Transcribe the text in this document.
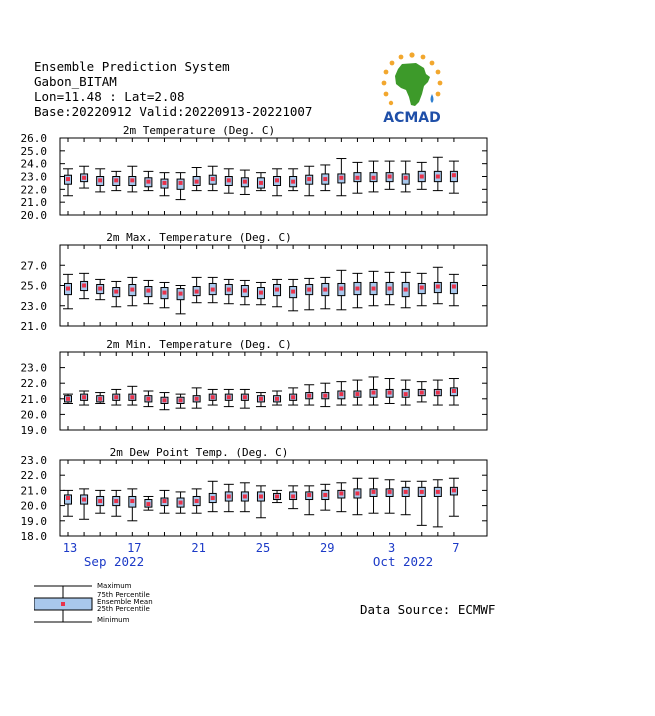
2m Temperature (Deg. C)
26.0
25.0
24.0
23.0
22.0
21.0
20.0
2m Max. Temperature (Deg. C)
27.0
25.0
23.0
21.0
2m Min. Temperature (Deg. C)
23.0
22.0
21.0
20.0
19.0
2m Dew Point Temp. (Deg. C)
23.0
22.0
21.0
20.0
19.0
18.0
13	17	21	25	29	3	7
Sep 2022	Oct 2022
Ensemble Prediction System
Gabon_BITAM
Lon=11.48 : Lat=2.08
Base:20220912 Valid:20220913-20221007	ACMAD
Maximum
75th Percentile
Ensemble Mean
25th Percentile
Minimum
Data Source: ECMWF
